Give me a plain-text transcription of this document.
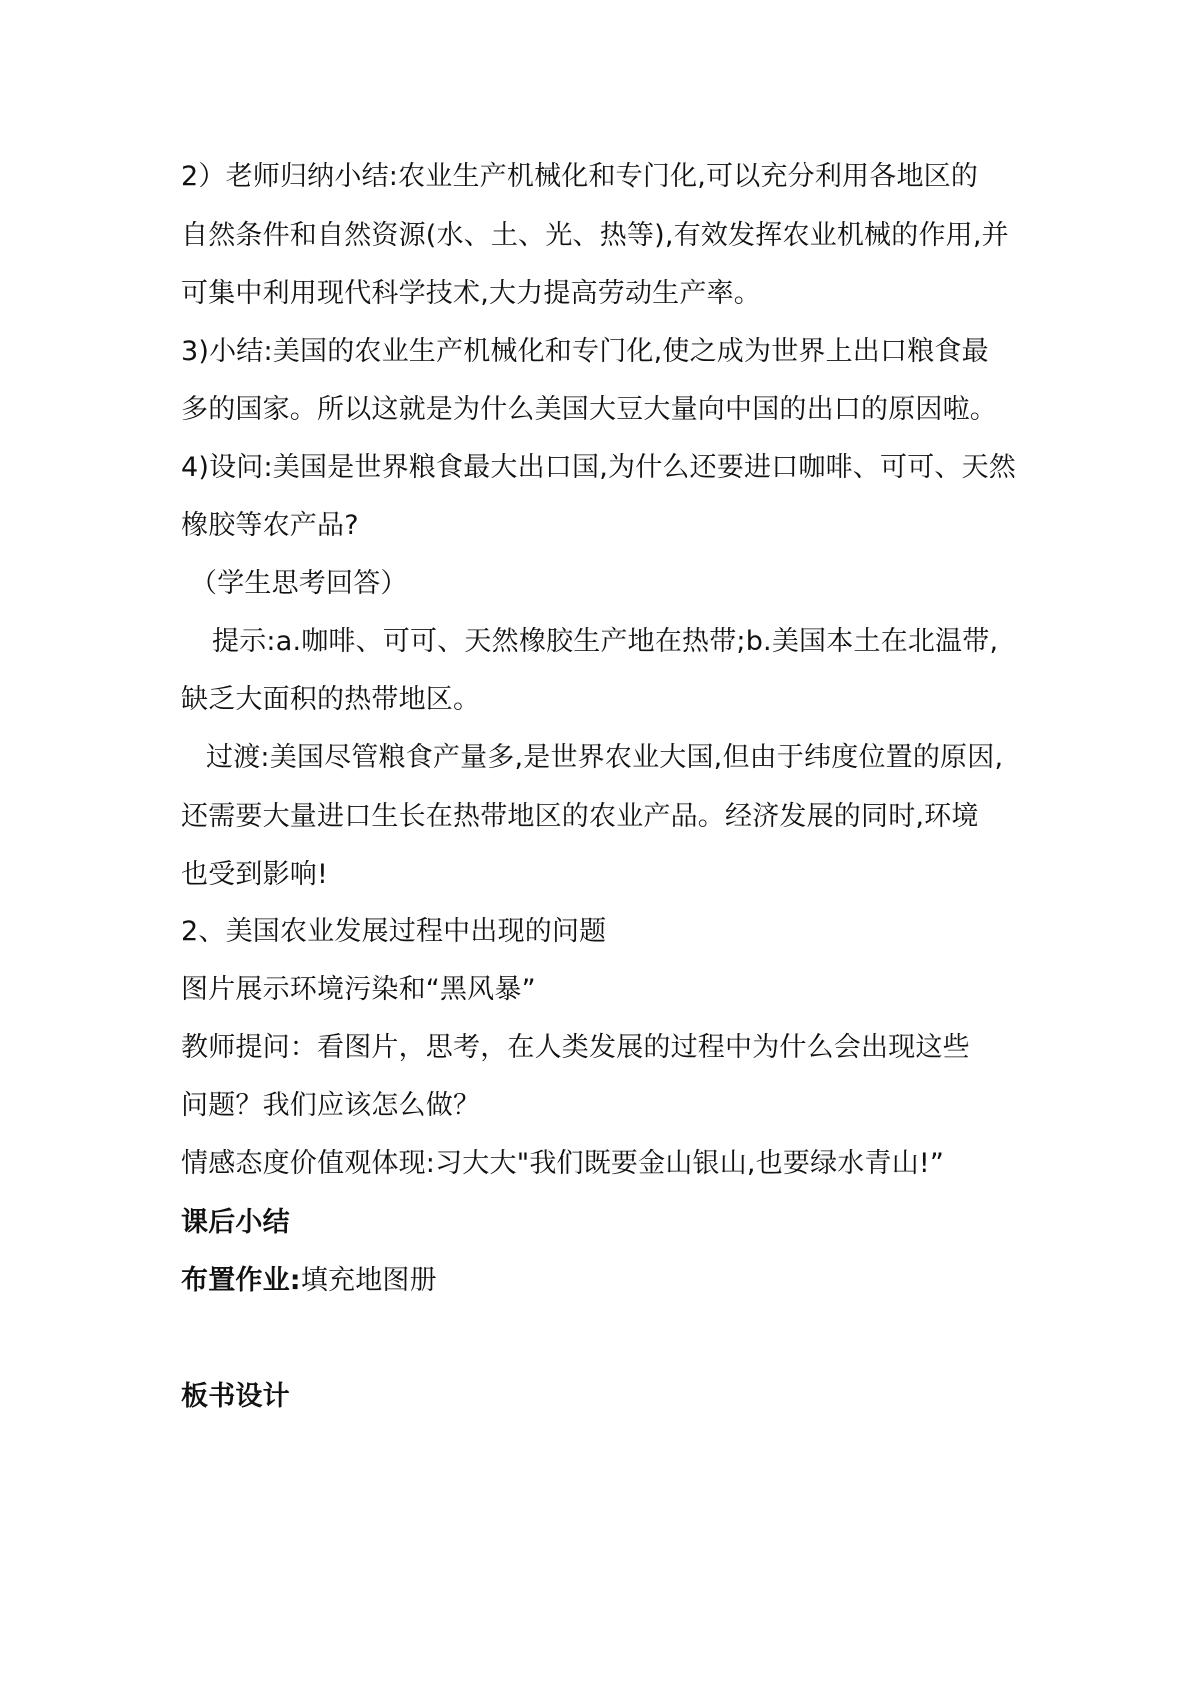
2）老师归纳小结:农业生产机械化和专门化,可以充分利用各地区的
自然条件和自然资源(水、土、光、热等),有效发挥农业机械的作用,并
可集中利用现代科学技术,大力提高劳动生产率。
3)小结:美国的农业生产机械化和专门化,使之成为世界上出口粮食最
多的国家。所以这就是为什么美国大豆大量向中国的出口的原因啦。
4)设问:美国是世界粮食最大出口国,为什么还要进口咖啡、可可、天然
橡胶等农产品?
（学生思考回答）
提示:a.咖啡、可可、天然橡胶生产地在热带;b.美国本土在北温带,
缺乏大面积的热带地区。
过渡:美国尽管粮食产量多,是世界农业大国,但由于纬度位置的原因,
还需要大量进口生长在热带地区的农业产品。经济发展的同时,环境
也受到影响!
2、美国农业发展过程中出现的问题
图片展示环境污染和“黑风暴”
教师提问：看图片，思考，在人类发展的过程中为什么会出现这些
问题？我们应该怎么做？
情感态度价值观体现:习大大"我们既要金山银山,也要绿水青山!”
课后小结
布置作业:填充地图册
板书设计
